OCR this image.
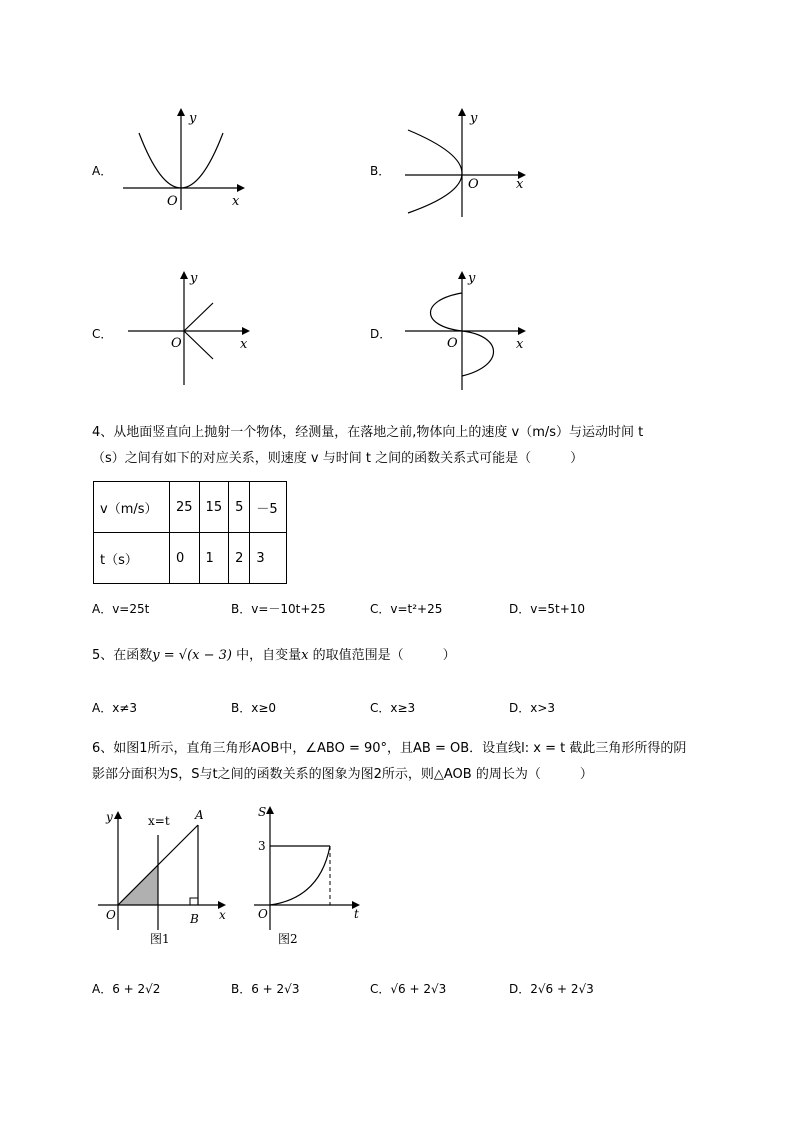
A．
y
O	x
B．
y
O	x
C．
y
O	x
D．
y
O	x
4、从地面竖直向上抛射一个物体，经测量，在落地之前,物体向上的速度 v（m/s）与运动时间 t
（s）之间有如下的对应关系，则速度 v 与时间 t 之间的函数关系式可能是（　　　）
v（m/s）	25	15	5	－5
t（s）	0	1	2	3
A．v=25t	B．v=－10t+25	C．v=t²+25	D．v=5t+10
5、在函数y = √(x − 3) 中，自变量x 的取值范围是（　　　）
A．x≠3	B．x≥0	C．x≥3	D．x>3
6、如图1所示，直角三角形AOB中，∠ABO = 90°，且AB = OB．设直线l: x = t 截此三角形所得的阴
影部分面积为S，S与t之间的函数关系的图象为图2所示，则△AOB 的周长为（　　　）
y	x=t A
O	B x
图1
S
3
O	t
图2
A．6 + 2√2	B．6 + 2√3	C．√6 + 2√3	D．2√6 + 2√3
